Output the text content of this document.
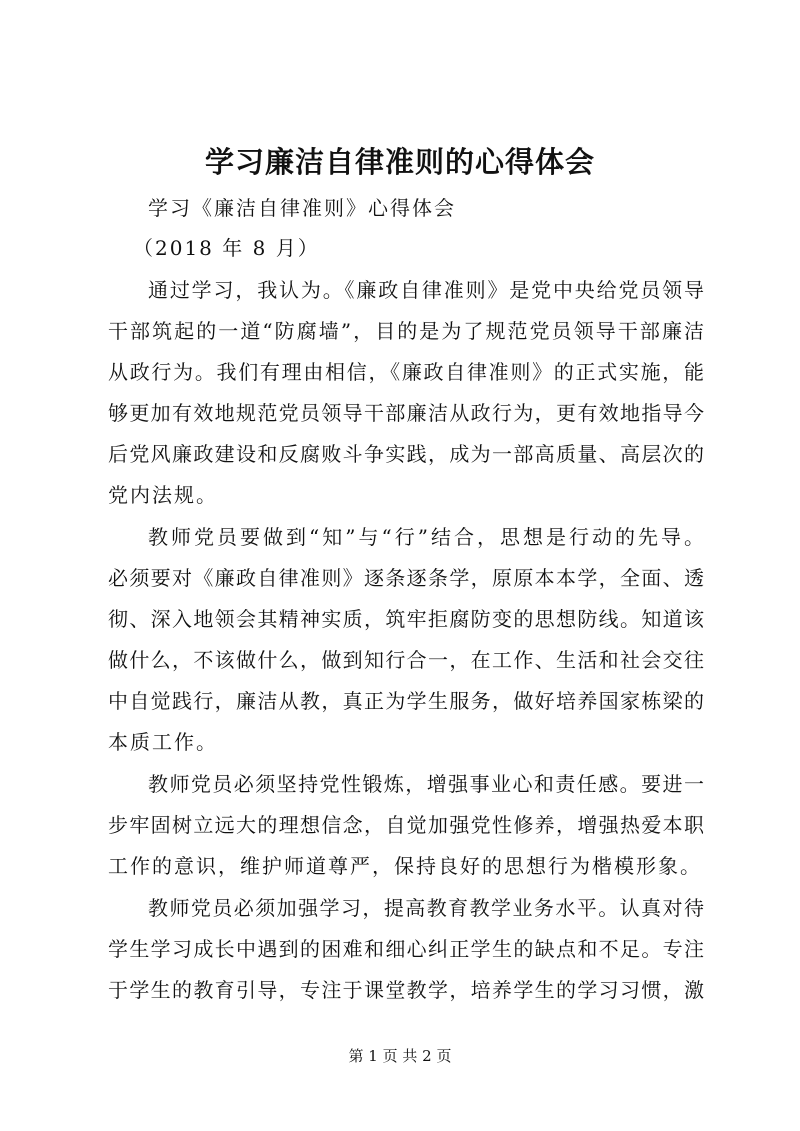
学习廉洁自律准则的心得体会
学习《廉洁自律准则》心得体会
（2018 年 8 月）
通过学习，我认为。《廉政自律准则》是党中央给党员领导
干部筑起的一道“防腐墙”，目的是为了规范党员领导干部廉洁
从政行为。我们有理由相信，《廉政自律准则》的正式实施，能
够更加有效地规范党员领导干部廉洁从政行为，更有效地指导今
后党风廉政建设和反腐败斗争实践，成为一部高质量、高层次的
党内法规。
教师党员要做到“知”与“行”结合，思想是行动的先导。
必须要对《廉政自律准则》逐条逐条学，原原本本学，全面、透
彻、深入地领会其精神实质，筑牢拒腐防变的思想防线。知道该
做什么，不该做什么，做到知行合一，在工作、生活和社会交往
中自觉践行，廉洁从教，真正为学生服务，做好培养国家栋梁的
本质工作。
教师党员必须坚持党性锻炼，增强事业心和责任感。要进一
步牢固树立远大的理想信念，自觉加强党性修养，增强热爱本职
工作的意识，维护师道尊严，保持良好的思想行为楷模形象。
教师党员必须加强学习，提高教育教学业务水平。认真对待
学生学习成长中遇到的困难和细心纠正学生的缺点和不足。专注
于学生的教育引导，专注于课堂教学，培养学生的学习习惯，激
第 1 页 共 2 页
